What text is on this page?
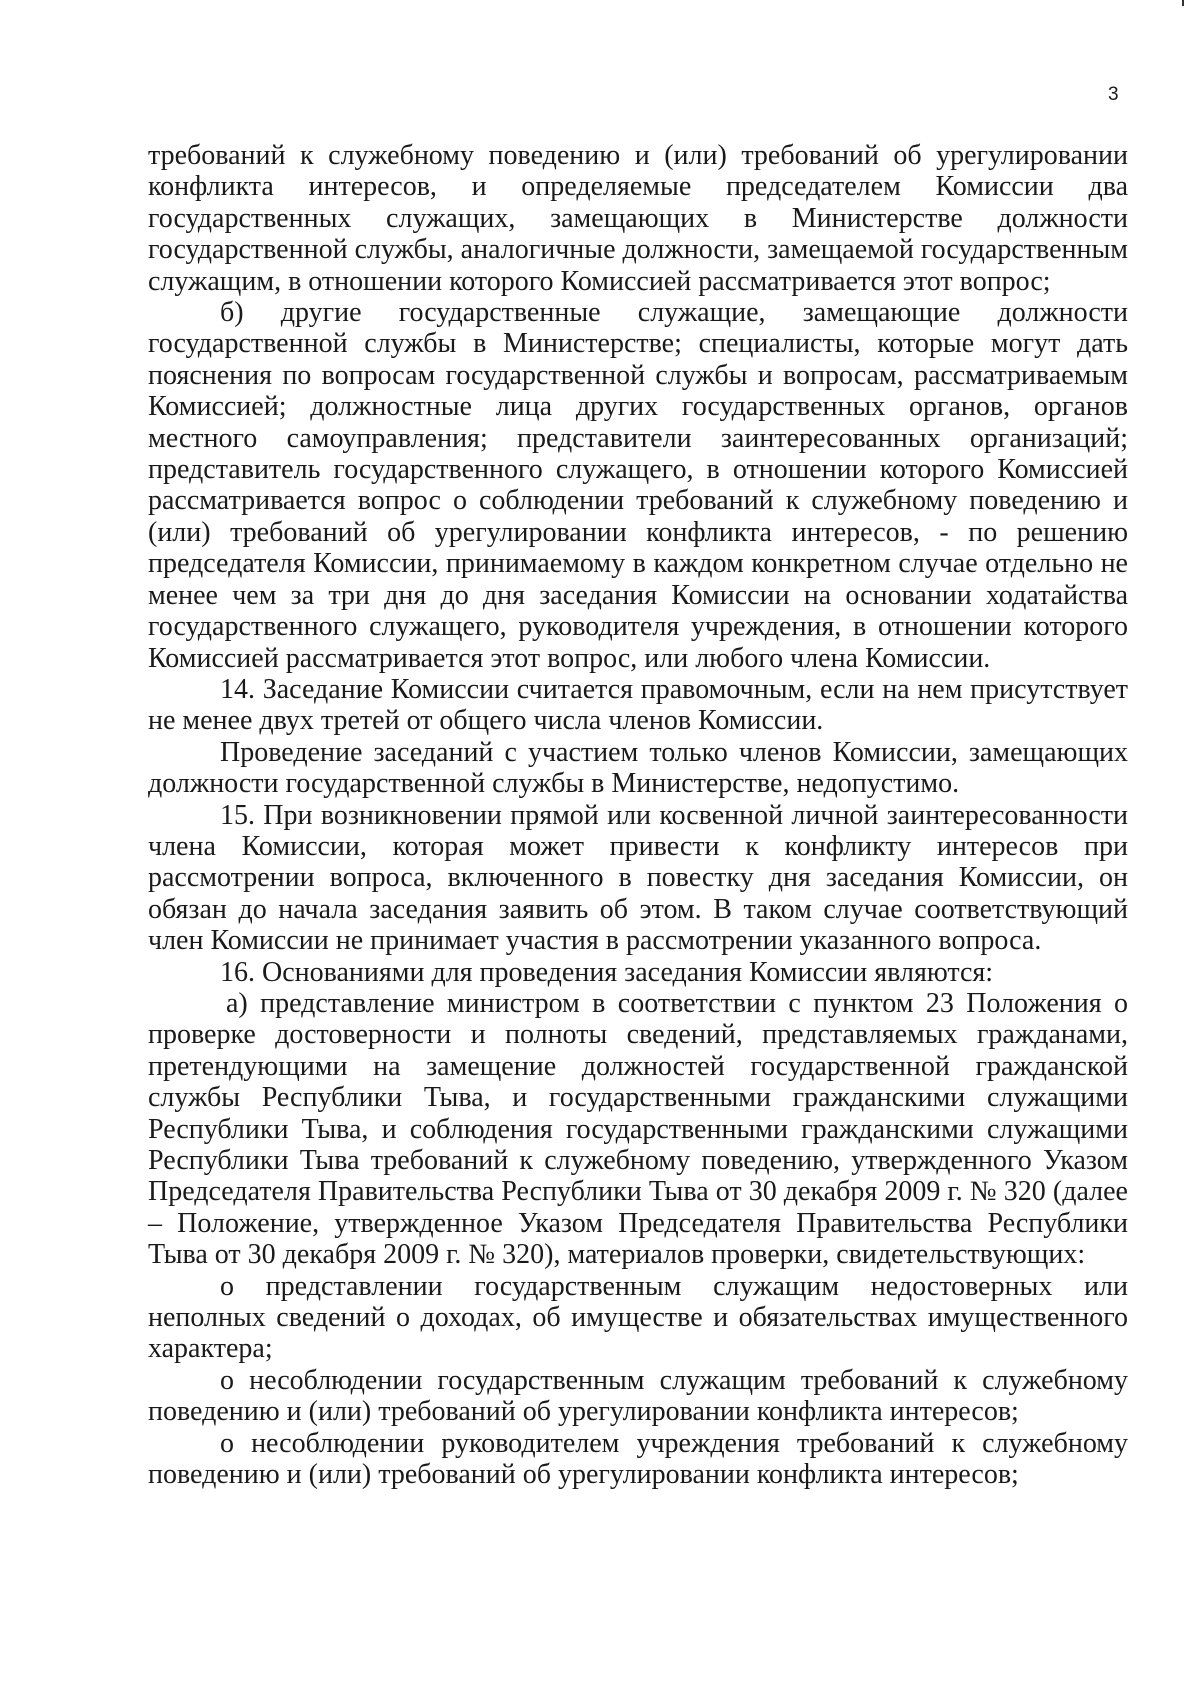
3

требований к служебному поведению и (или) требований об урегулировании конфликта интересов, и определяемые председателем Комиссии два государственных служащих, замещающих в Министерстве должности государственной службы, аналогичные должности, замещаемой государственным служащим, в отношении которого Комиссией рассматривается этот вопрос;

б) другие государственные служащие, замещающие должности государственной службы в Министерстве; специалисты, которые могут дать пояснения по вопросам государственной службы и вопросам, рассматриваемым Комиссией; должностные лица других государственных органов, органов местного самоуправления; представители заинтересованных организаций; представитель государственного служащего, в отношении которого Комиссией рассматривается вопрос о соблюдении требований к служебному поведению и (или) требований об урегулировании конфликта интересов, - по решению председателя Комиссии, принимаемому в каждом конкретном случае отдельно не менее чем за три дня до дня заседания Комиссии на основании ходатайства государственного служащего, руководителя учреждения, в отношении которого Комиссией рассматривается этот вопрос, или любого члена Комиссии.

14. Заседание Комиссии считается правомочным, если на нем присутствует не менее двух третей от общего числа членов Комиссии.

Проведение заседаний с участием только членов Комиссии, замещающих должности государственной службы в Министерстве, недопустимо.

15. При возникновении прямой или косвенной личной заинтересованности члена Комиссии, которая может привести к конфликту интересов при рассмотрении вопроса, включенного в повестку дня заседания Комиссии, он обязан до начала заседания заявить об этом. В таком случае соответствующий член Комиссии не принимает участия в рассмотрении указанного вопроса.

16. Основаниями для проведения заседания Комиссии являются:

а) представление министром в соответствии с пунктом 23 Положения о проверке достоверности и полноты сведений, представляемых гражданами, претендующими на замещение должностей государственной гражданской службы Республики Тыва, и государственными гражданскими служащими Республики Тыва, и соблюдения государственными гражданскими служащими Республики Тыва требований к служебному поведению, утвержденного Указом Председателя Правительства Республики Тыва от 30 декабря 2009 г. № 320 (далее – Положение, утвержденное Указом Председателя Правительства Республики Тыва от 30 декабря 2009 г. № 320), материалов проверки, свидетельствующих:

о представлении государственным служащим недостоверных или неполных сведений о доходах, об имуществе и обязательствах имущественного характера;

о несоблюдении государственным служащим требований к служебному поведению и (или) требований об урегулировании конфликта интересов;

о несоблюдении руководителем учреждения требований к служебному поведению и (или) требований об урегулировании конфликта интересов;
